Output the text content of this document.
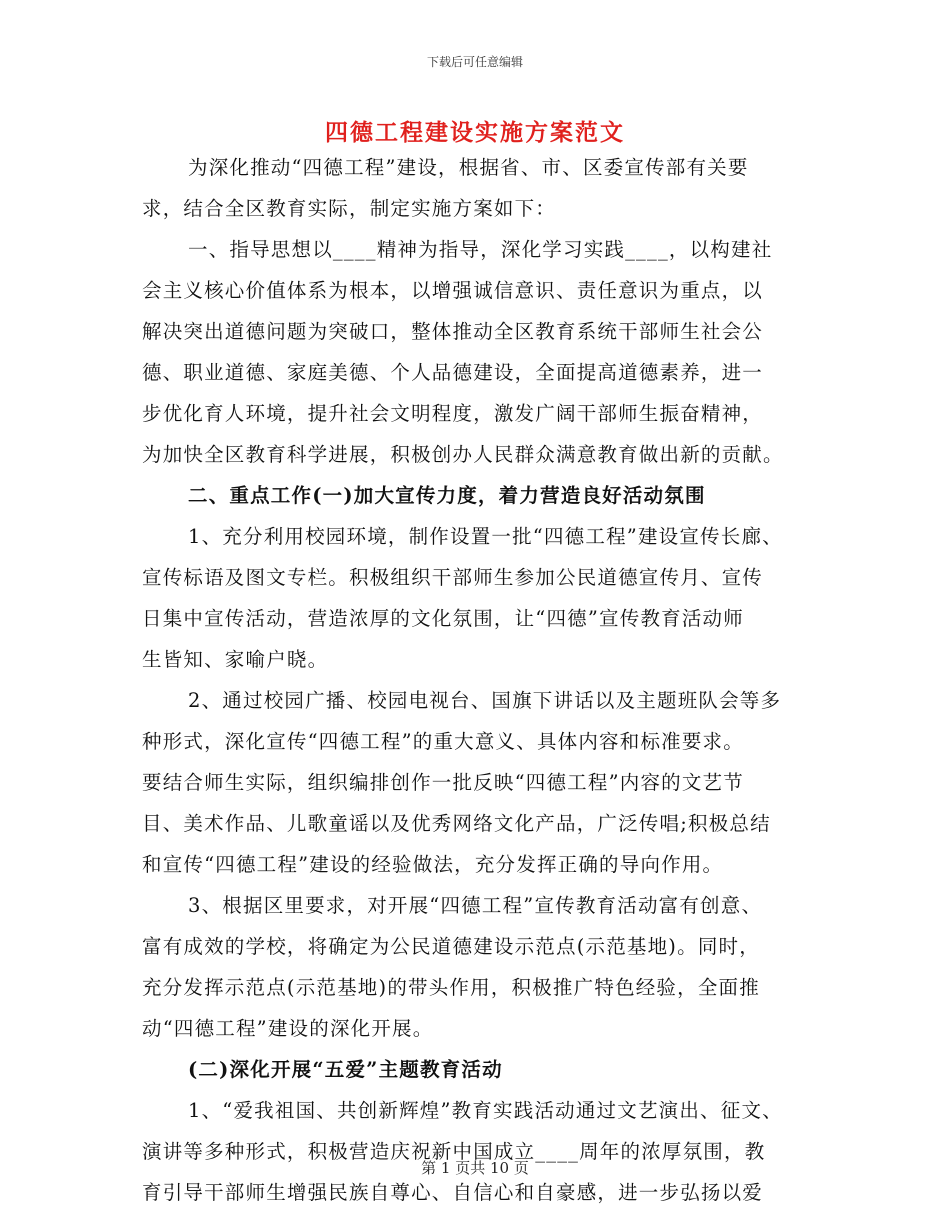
下载后可任意编辑
四德工程建设实施方案范文
为深化推动“四德工程”建设，根据省、市、区委宣传部有关要
求，结合全区教育实际，制定实施方案如下：
一、指导思想以____精神为指导，深化学习实践____，以构建社
会主义核心价值体系为根本，以增强诚信意识、责任意识为重点，以
解决突出道德问题为突破口，整体推动全区教育系统干部师生社会公
德、职业道德、家庭美德、个人品德建设，全面提高道德素养，进一
步优化育人环境，提升社会文明程度，激发广阔干部师生振奋精神，
为加快全区教育科学进展，积极创办人民群众满意教育做出新的贡献。
二、重点工作(一)加大宣传力度，着力营造良好活动氛围
1、充分利用校园环境，制作设置一批“四德工程”建设宣传长廊、
宣传标语及图文专栏。积极组织干部师生参加公民道德宣传月、宣传
日集中宣传活动，营造浓厚的文化氛围，让“四德”宣传教育活动师
生皆知、家喻户晓。
2、通过校园广播、校园电视台、国旗下讲话以及主题班队会等多
种形式，深化宣传“四德工程”的重大意义、具体内容和标准要求。
要结合师生实际，组织编排创作一批反映“四德工程”内容的文艺节
目、美术作品、儿歌童谣以及优秀网络文化产品，广泛传唱;积极总结
和宣传“四德工程”建设的经验做法，充分发挥正确的导向作用。
3、根据区里要求，对开展“四德工程”宣传教育活动富有创意、
富有成效的学校，将确定为公民道德建设示范点(示范基地)。同时，
充分发挥示范点(示范基地)的带头作用，积极推广特色经验，全面推
动“四德工程”建设的深化开展。
(二)深化开展“五爱”主题教育活动
1、“爱我祖国、共创新辉煌”教育实践活动通过文艺演出、征文、
演讲等多种形式，积极营造庆祝新中国成立____周年的浓厚氛围，教
育引导干部师生增强民族自尊心、自信心和自豪感，进一步弘扬以爱
第 1 页共 10 页
